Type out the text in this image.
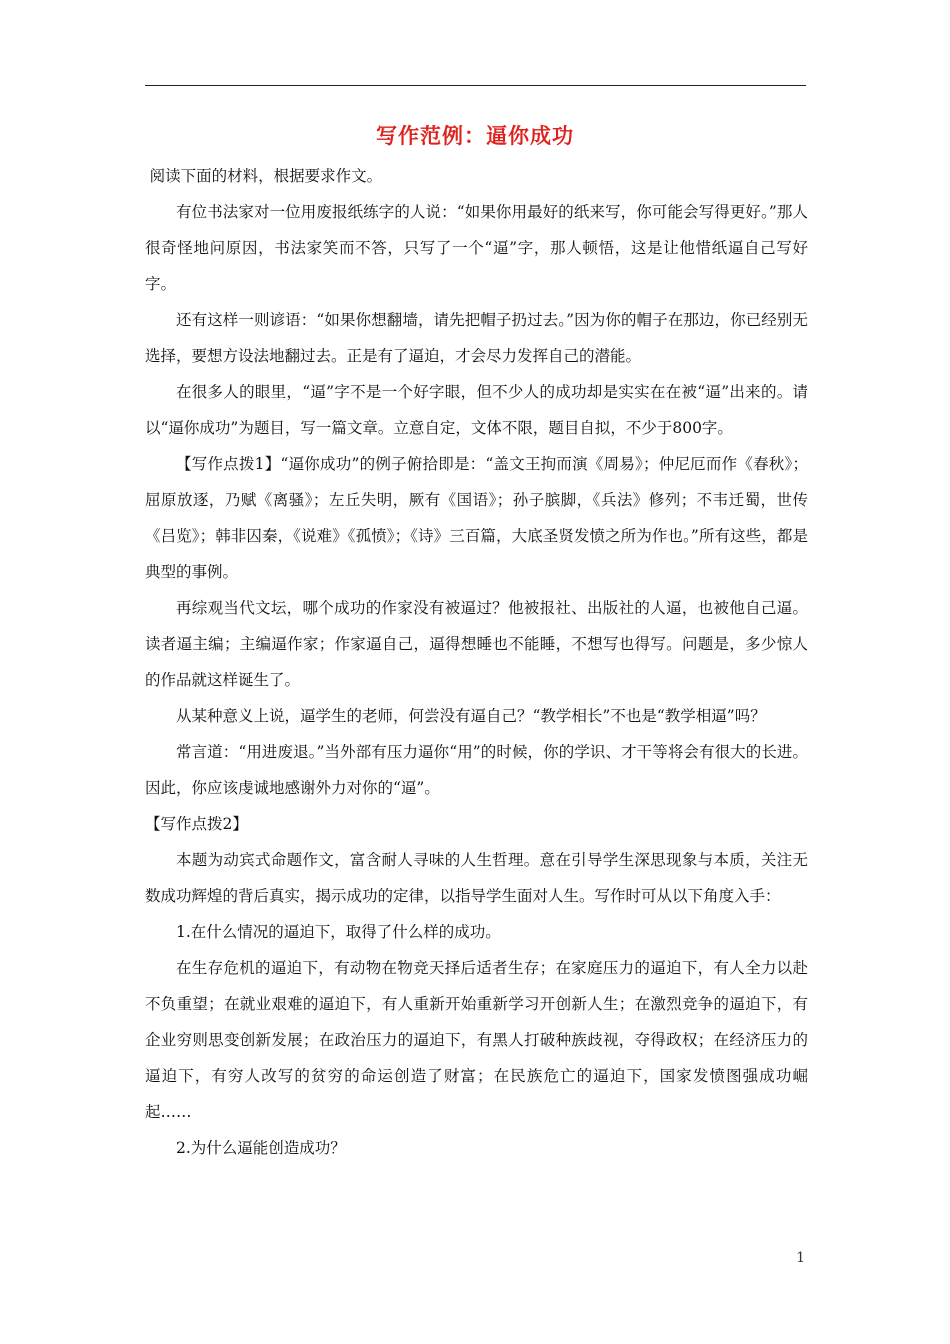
写作范例：逼你成功

阅读下面的材料，根据要求作文。

有位书法家对一位用废报纸练字的人说：“如果你用最好的纸来写，你可能会写得更好。”那人很奇怪地问原因，书法家笑而不答，只写了一个“逼”字，那人顿悟，这是让他惜纸逼自己写好字。

还有这样一则谚语：“如果你想翻墙，请先把帽子扔过去。”因为你的帽子在那边，你已经别无选择，要想方设法地翻过去。正是有了逼迫，才会尽力发挥自己的潜能。

在很多人的眼里，“逼”字不是一个好字眼，但不少人的成功却是实实在在被“逼”出来的。请以“逼你成功”为题目，写一篇文章。立意自定，文体不限，题目自拟，不少于800字。

【写作点拨1】“逼你成功”的例子俯拾即是：“盖文王拘而演《周易》；仲尼厄而作《春秋》；屈原放逐，乃赋《离骚》；左丘失明，厥有《国语》；孙子膑脚，《兵法》修列；不韦迁蜀，世传《吕览》；韩非囚秦，《说难》《孤愤》；《诗》三百篇，大底圣贤发愤之所为作也。”所有这些，都是典型的事例。

再综观当代文坛，哪个成功的作家没有被逼过？他被报社、出版社的人逼，也被他自己逼。读者逼主编；主编逼作家；作家逼自己，逼得想睡也不能睡，不想写也得写。问题是，多少惊人的作品就这样诞生了。

从某种意义上说，逼学生的老师，何尝没有逼自己？“教学相长”不也是“教学相逼”吗？

常言道：“用进废退。”当外部有压力逼你“用”的时候，你的学识、才干等将会有很大的长进。因此，你应该虔诚地感谢外力对你的“逼”。

【写作点拨2】

本题为动宾式命题作文，富含耐人寻味的人生哲理。意在引导学生深思现象与本质，关注无数成功辉煌的背后真实，揭示成功的定律，以指导学生面对人生。写作时可从以下角度入手：

1.在什么情况的逼迫下，取得了什么样的成功。

在生存危机的逼迫下，有动物在物竞天择后适者生存；在家庭压力的逼迫下，有人全力以赴不负重望；在就业艰难的逼迫下，有人重新开始重新学习开创新人生；在激烈竞争的逼迫下，有企业穷则思变创新发展；在政治压力的逼迫下，有黑人打破种族歧视，夺得政权；在经济压力的逼迫下，有穷人改写的贫穷的命运创造了财富；在民族危亡的逼迫下，国家发愤图强成功崛起……

2.为什么逼能创造成功？

1
